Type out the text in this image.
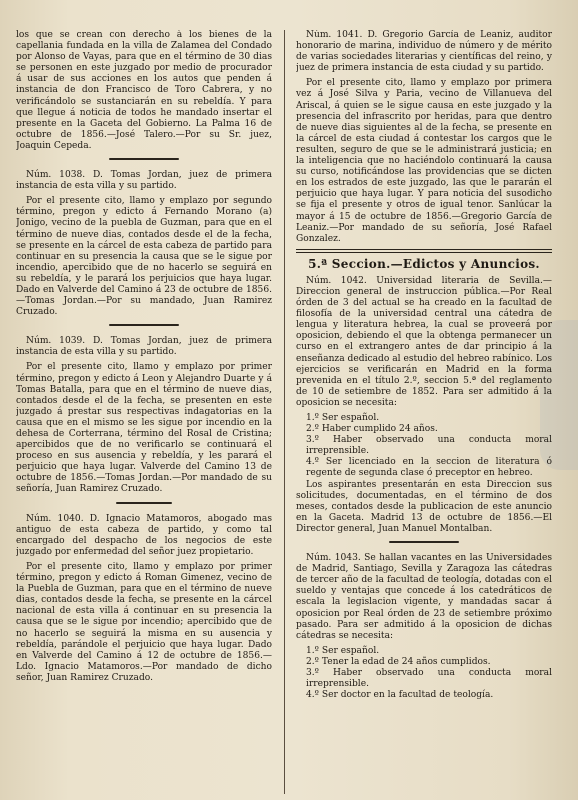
los que se crean con derecho à los bienes de la capellania fundada en la villa de Zalamea del Condado por Alonso de Vayas, para que en el término de 30 dias se personen en este juzgado por medio de procurador á usar de sus acciones en los autos que penden á instancia de don Francisco de Toro Cabrera, y no verificándolo se sustanciarán en su rebeldía. Y para que llegue á noticia de todos he mandado insertar el presente en la Gaceta del Gobierno. La Palma 16 de octubre de 1856.—José Talero.—Por su Sr. juez, Joaquin Cepeda.

Núm. 1038. D. Tomas Jordan, juez de primera instancia de esta villa y su partido.

Por el presente cito, llamo y emplazo por segundo término, pregon y edicto á Fernando Morano (a) Jonigo, vecino de la puebla de Guzman, para que en el término de nueve dias, contados desde el de la fecha, se presente en la cárcel de esta cabeza de partido para continuar en su presencia la causa que se le sigue por incendio, apercibido que de no hacerlo se seguirá en su rebeldía, y le parará los perjuicios que haya lugar. Dado en Valverde del Camino á 23 de octubre de 1856.—Tomas Jordan.—Por su mandado, Juan Ramirez Cruzado.

Núm. 1039. D. Tomas Jordan, juez de primera instancia de esta villa y su partido.

Por el presente cito, llamo y emplazo por primer término, pregon y edicto á Leon y Alejandro Duarte y á Tomas Batalla, para que en el término de nueve dias, contados desde el de la fecha, se presenten en este juzgado á prestar sus respectivas indagatorias en la causa que en el mismo se les sigue por incendio en la dehesa de Corterrana, término del Rosal de Cristina; apercibidos que de no verificarlo se continuará el proceso en sus ausencia y rebeldía, y les parará el perjuicio que haya lugar. Valverde del Camino 13 de octubre de 1856.—Tomas Jordan.—Por mandado de su señoría, Juan Ramirez Cruzado.

Núm. 1040. D. Ignacio Matamoros, abogado mas antiguo de esta cabeza de partido, y como tal encargado del despacho de los negocios de este juzgado por enfermedad del señor juez propietario.

Por el presente cito, llamo y emplazo por primer término, pregon y edicto á Roman Gimenez, vecino de la Puebla de Guzman, para que en el término de nueve dias, contados desde la fecha, se presente en la cárcel nacional de esta villa á continuar en su presencia la causa que se le sigue por incendio; apercibido que de no hacerlo se seguirá la misma en su ausencia y rebeldía, parándole el perjuicio que haya lugar. Dado en Valverde del Camino á 12 de octubre de 1856.—Ldo. Ignacio Matamoros.—Por mandado de dicho señor, Juan Ramirez Cruzado.

Núm. 1041. D. Gregorio García de Leaniz, auditor honorario de marina, individuo de número y de mérito de varias sociedades literarias y científicas del reino, y juez de primera instancia de esta ciudad y su partido.

Por el presente cito, llamo y emplazo por primera vez á José Silva y Paria, vecino de Villanueva del Ariscal, á quien se le sigue causa en este juzgado y la presencia del infrascrito por heridas, para que dentro de nueve dias siguientes al de la fecha, se presente en la cárcel de esta ciudad á contestar los cargos que le resulten, seguro de que se le administrará justicia; en la inteligencia que no haciéndolo continuará la causa su curso, notificándose las providencias que se dicten en los estrados de este juzgado, las que le pararán el perjuicio que haya lugar. Y para noticia del susodicho se fija el presente y otros de igual tenor. Sanlúcar la mayor á 15 de octubre de 1856.—Gregorio García de Leaniz.—Por mandado de su señoría, José Rafael Gonzalez.

5.ª Seccion.—Edictos y Anuncios.

Núm. 1042. Universidad literaria de Sevilla.—Direccion general de instruccion pública.—Por Real órden de 3 del actual se ha creado en la facultad de filosofía de la universidad central una cátedra de lengua y literatura hebrea, la cual se proveerá por oposicion, debiendo el que la obtenga permanecer un curso en el extrangero antes de dar principio á la enseñanza dedicado al estudio del hebreo rabínico. Los ejercicios se verificarán en Madrid en la forma prevenida en el título 2.º, seccion 5.ª del reglamento de 10 de setiembre de 1852. Para ser admitido á la oposicion se necesita:

1.º Ser español.

2.º Haber cumplido 24 años.

3.º Haber observado una conducta moral irreprensible.

4.º Ser licenciado en la seccion de literatura ó regente de segunda clase ó preceptor en hebreo.

Los aspirantes presentarán en esta Direccion sus solicitudes, documentadas, en el término de dos meses, contados desde la publicacion de este anuncio en la Gaceta. Madrid 13 de octubre de 1856.—El Director general, Juan Manuel Montalban.

Núm. 1043. Se hallan vacantes en las Universidades de Madrid, Santiago, Sevilla y Zaragoza las cátedras de tercer año de la facultad de teología, dotadas con el sueldo y ventajas que concede á los catedráticos de escala la legislacion vigente, y mandadas sacar á oposicion por Real órden de 23 de setiembre próximo pasado. Para ser admitido á la oposicion de dichas cátedras se necesita:

1.º Ser español.

2.º Tener la edad de 24 años cumplidos.

3.º Haber observado una conducta moral irreprensible.

4.º Ser doctor en la facultad de teología.
